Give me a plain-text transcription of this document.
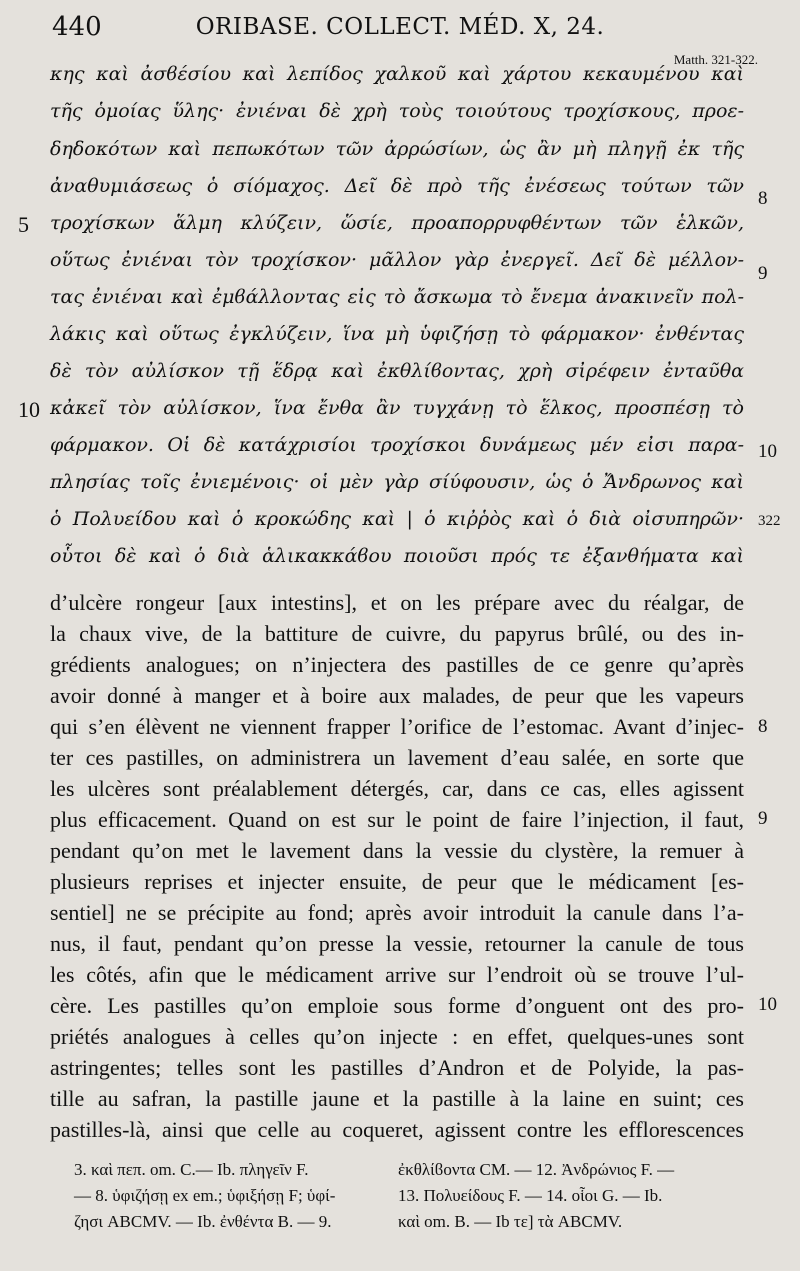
440	ORIBASE. COLLECT. MÉD. X, 24.
Matth. 321-322.
κης καὶ ἀσϐέσίου καὶ λεπίδος χαλκοῦ καὶ χάρτου κεκαυμένου καὶ
τῆς ὁμοίας ὕλης· ἐνιέναι δὲ χρὴ τοὺς τοιούτους τροχίσκους, προε-
δηδοκότων καὶ πεπωκότων τῶν ἀρρώσίων, ὡς ἂν μὴ πληγῇ ἐκ τῆς
ἀναθυμιάσεως ὁ σίόμαχος. Δεῖ δὲ πρὸ τῆς ἐνέσεως τούτων τῶν
τροχίσκων ἅλμη κλύζειν, ὥσίε, προαπορρυφθέντων τῶν ἑλκῶν,
οὕτως ἐνιέναι τὸν τροχίσκον· μᾶλλον γὰρ ἐνεργεῖ. Δεῖ δὲ μέλλον-
τας ἐνιέναι καὶ ἐμϐάλλοντας εἰς τὸ ἄσκωμα τὸ ἔνεμα ἀνακινεῖν πολ-
λάκις καὶ οὕτως ἐγκλύζειν, ἵνα μὴ ὑφιζήσῃ τὸ φάρμακον· ἐνθέντας
δὲ τὸν αὐλίσκον τῇ ἕδρᾳ καὶ ἐκθλίϐοντας, χρὴ σἰρέφειν ἐνταῦθα
κἀκεῖ τὸν αὐλίσκον, ἵνα ἔνθα ἂν τυγχάνῃ τὸ ἕλκος, προσπέσῃ τὸ
φάρμακον. Οἱ δὲ κατάχρισίοι τροχίσκοι δυνάμεως μέν εἰσι παρα-
πλησίας τοῖς ἐνιεμένοις· οἱ μὲν γὰρ σίύφουσιν, ὡς ὁ Ἄνδρωνος καὶ
ὁ Πολυείδου καὶ ὁ κροκώδης καὶ | ὁ κιῤῥὸς καὶ ὁ διὰ οἰσυπηρῶν·
οὗτοι δὲ καὶ ὁ διὰ ἁλικακκάϐου ποιοῦσι πρός τε ἐξανθήματα καὶ
5
10
8
9
10
322
d’ulcère rongeur [aux intestins], et on les prépare avec du réalgar, de
la chaux vive, de la battiture de cuivre, du papyrus brûlé, ou des in-
grédients analogues; on n’injectera des pastilles de ce genre qu’après
avoir donné à manger et à boire aux malades, de peur que les vapeurs
qui s’en élèvent ne viennent frapper l’orifice de l’estomac. Avant d’injec-
ter ces pastilles, on administrera un lavement d’eau salée, en sorte que
les ulcères sont préalablement détergés, car, dans ce cas, elles agissent
plus efficacement. Quand on est sur le point de faire l’injection, il faut,
pendant qu’on met le lavement dans la vessie du clystère, la remuer à
plusieurs reprises et injecter ensuite, de peur que le médicament [es-
sentiel] ne se précipite au fond; après avoir introduit la canule dans l’a-
nus, il faut, pendant qu’on presse la vessie, retourner la canule de tous
les côtés, afin que le médicament arrive sur l’endroit où se trouve l’ul-
cère. Les pastilles qu’on emploie sous forme d’onguent ont des pro-
priétés analogues à celles qu’on injecte : en effet, quelques-unes sont
astringentes; telles sont les pastilles d’Andron et de Polyide, la pas-
tille au safran, la pastille jaune et la pastille à la laine en suint; ces
pastilles-là, ainsi que celle au coqueret, agissent contre les efflorescences
8
9
10
3. καὶ πεπ. om. C.— Ib. πληγεῖν F.
— 8. ὑφιζήσῃ ex em.; ὑφιξήσῃ F; ὑφί-
ζησι ABCMV. — Ib. ἐνθέντα B. — 9.
ἐκθλίϐοντα CM. — 12. Ἀνδρώνιος F. —
13. Πολυείδους F. — 14. οἷοι G. — Ib.
καὶ om. B. — Ib τε] τὰ ABCMV.
